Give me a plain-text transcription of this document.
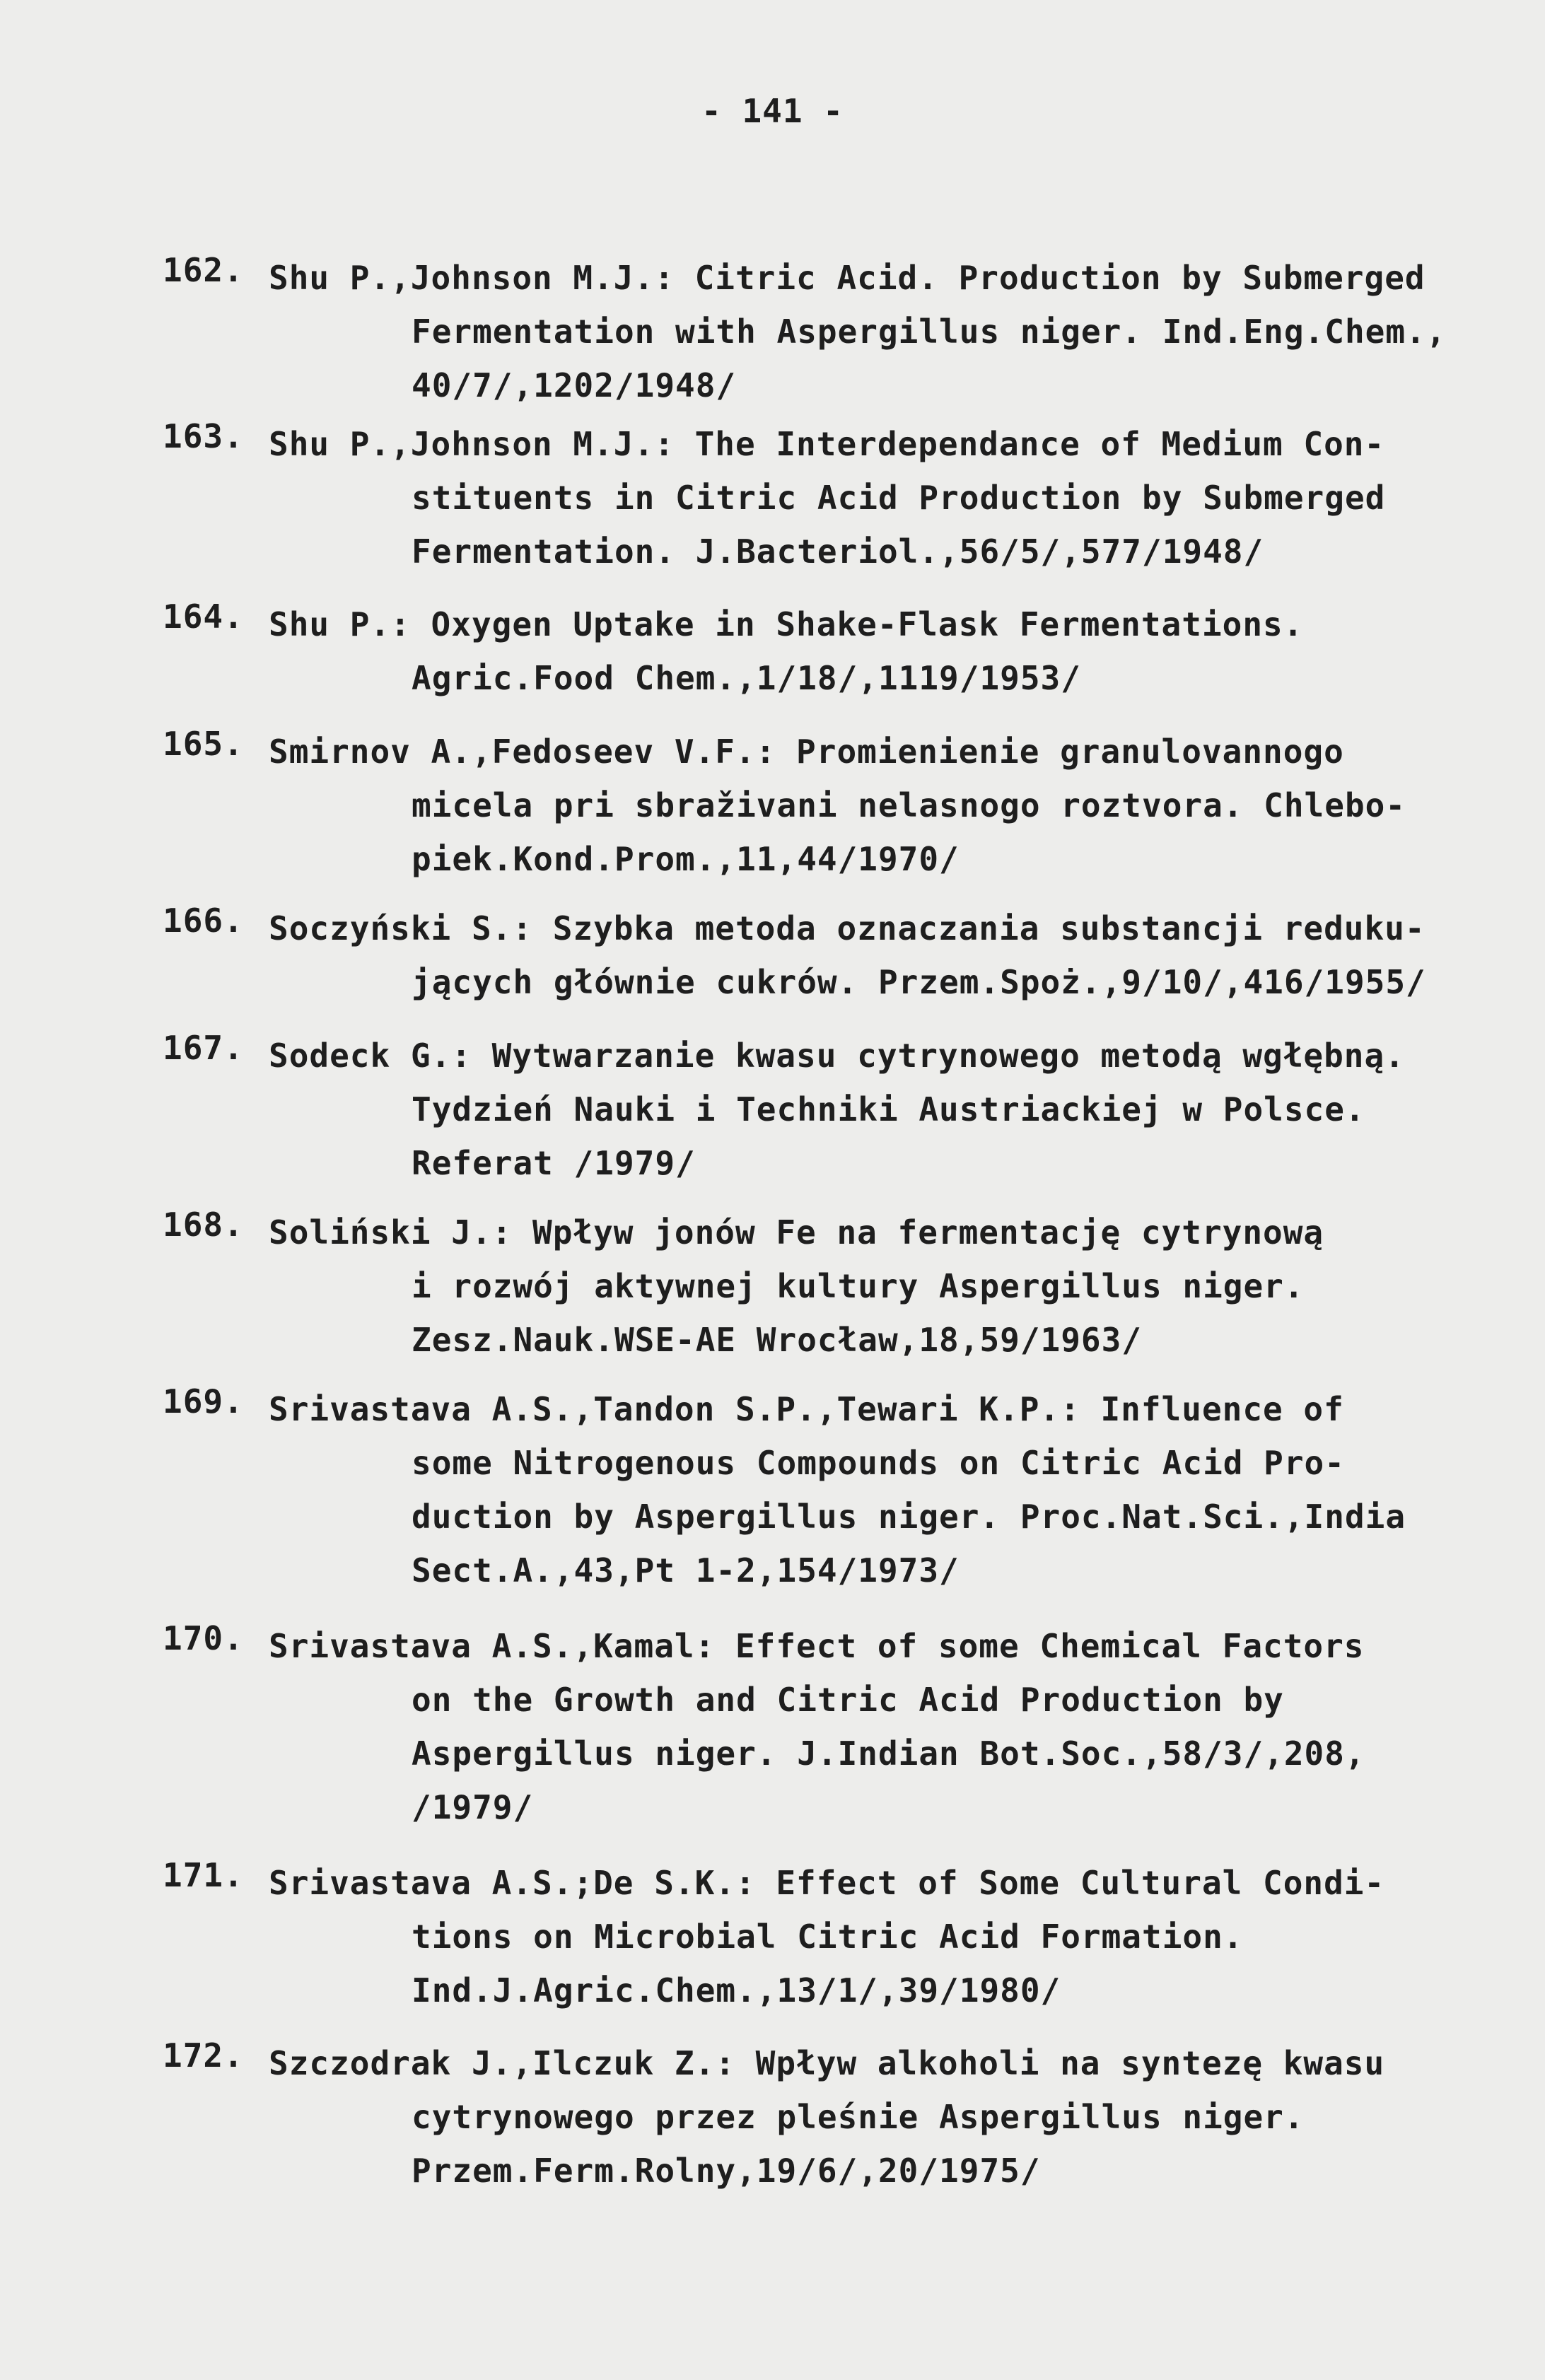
- 141 -
162. Shu P.,Johnson M.J.: Citric Acid. Production by Submerged
Fermentation with Aspergillus niger. Ind.Eng.Chem.,
40/7/,1202/1948/
163. Shu P.,Johnson M.J.: The Interdependance of Medium Con-
stituents in Citric Acid Production by Submerged
Fermentation. J.Bacteriol.,56/5/,577/1948/
164. Shu P.: Oxygen Uptake in Shake-Flask Fermentations.
Agric.Food Chem.,1/18/,1119/1953/
165. Smirnov A.,Fedoseev V.F.: Promienienie granulovannogo
micela pri sbraživani nelasnogo roztvora. Chlebo-
piek.Kond.Prom.,11,44/1970/
166. Soczyński S.: Szybka metoda oznaczania substancji reduku-
jących głównie cukrów. Przem.Spoż.,9/10/,416/1955/
167. Sodeck G.: Wytwarzanie kwasu cytrynowego metodą wgłębną.
Tydzień Nauki i Techniki Austriackiej w Polsce.
Referat /1979/
168. Soliński J.: Wpływ jonów Fe na fermentację cytrynową
i rozwój aktywnej kultury Aspergillus niger.
Zesz.Nauk.WSE-AE Wrocław,18,59/1963/
169. Srivastava A.S.,Tandon S.P.,Tewari K.P.: Influence of
some Nitrogenous Compounds on Citric Acid Pro-
duction by Aspergillus niger. Proc.Nat.Sci.,India
Sect.A.,43,Pt 1-2,154/1973/
170. Srivastava A.S.,Kamal: Effect of some Chemical Factors
on the Growth and Citric Acid Production by
Aspergillus niger. J.Indian Bot.Soc.,58/3/,208,
/1979/
171. Srivastava A.S.;De S.K.: Effect of Some Cultural Condi-
tions on Microbial Citric Acid Formation.
Ind.J.Agric.Chem.,13/1/,39/1980/
172. Szczodrak J.,Ilczuk Z.: Wpływ alkoholi na syntezę kwasu
cytrynowego przez pleśnie Aspergillus niger.
Przem.Ferm.Rolny,19/6/,20/1975/
